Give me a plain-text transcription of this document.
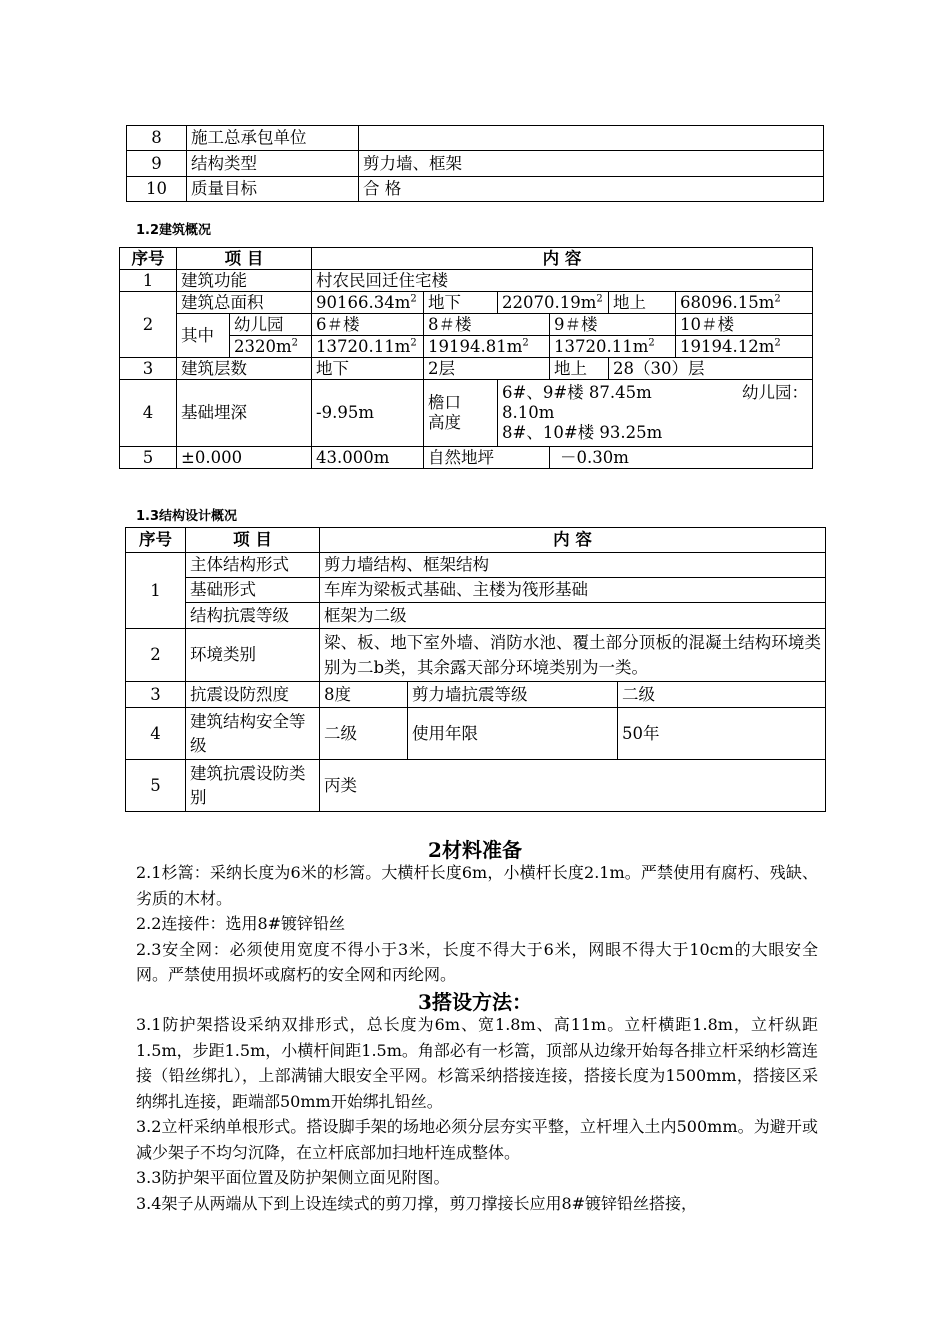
8	施工总承包单位	
9	结构类型	剪力墙、框架
10	质量目标	合 格
1.2建筑概况
序号	项 目		内 容					
1	建筑功能		村农民回迁住宅楼					
2	建筑总面积		$90166.34m^2$	地下	$22070.19m^2$		地上	$68096.15m^2$
	其中	幼儿园	6＃楼	8＃楼		9＃楼		10＃楼
		$2320m^2$	$13720.11m^2$	$19194.81m^2$		$13720.11m^2$		$19194.12m^2$
3	建筑层数		地下	2层		地上	28（30）层	
4	基础埋深		-9.95m	檐口高度	6#、9#楼 87.45m 幼儿园：
8.10m
8#、10#楼 93.25m			

5	±0.000		43.000m	自然地坪		－0.30m		
1.3结构设计概况
序号	项 目	内 容		
1	主体结构形式	剪力墙结构、框架结构		
	基础形式	车库为梁板式基础、主楼为筏形基础		
	结构抗震等级	框架为二级		
2	环境类别	梁、板、地下室外墙、消防水池、覆土部分顶板的混凝土结构环境类别为二b类，其余露天部分环境类别为一类。		
3	抗震设防烈度	8度	剪力墙抗震等级	二级
4	建筑结构安全等级	二级	使用年限	50年
5	建筑抗震设防类别	丙类		
2材料准备

2.1杉篙：采纳长度为6米的杉篙。大横杆长度6m，小横杆长度2.1m。严禁使用有腐朽、残缺、劣质的木材。

2.2连接件：选用8#镀锌铅丝

2.3安全网：必须使用宽度不得小于3米，长度不得大于6米，网眼不得大于10cm的大眼安全网。严禁使用损坏或腐朽的安全网和丙纶网。

3搭设方法：

3.1防护架搭设采纳双排形式，总长度为6m、宽1.8m、高11m。立杆横距1.8m，立杆纵距1.5m，步距1.5m，小横杆间距1.5m。角部必有一杉篙，顶部从边缘开始每各排立杆采纳杉篙连接（铅丝绑扎），上部满铺大眼安全平网。杉篙采纳搭接连接，搭接长度为1500mm，搭接区采纳绑扎连接，距端部50mm开始绑扎铅丝。

3.2立杆采纳单根形式。搭设脚手架的场地必须分层夯实平整，立杆埋入土内500mm。为避开或减少架子不均匀沉降，在立杆底部加扫地杆连成整体。

3.3防护架平面位置及防护架侧立面见附图。

3.4架子从两端从下到上设连续式的剪刀撑，剪刀撑接长应用8#镀锌铅丝搭接，
